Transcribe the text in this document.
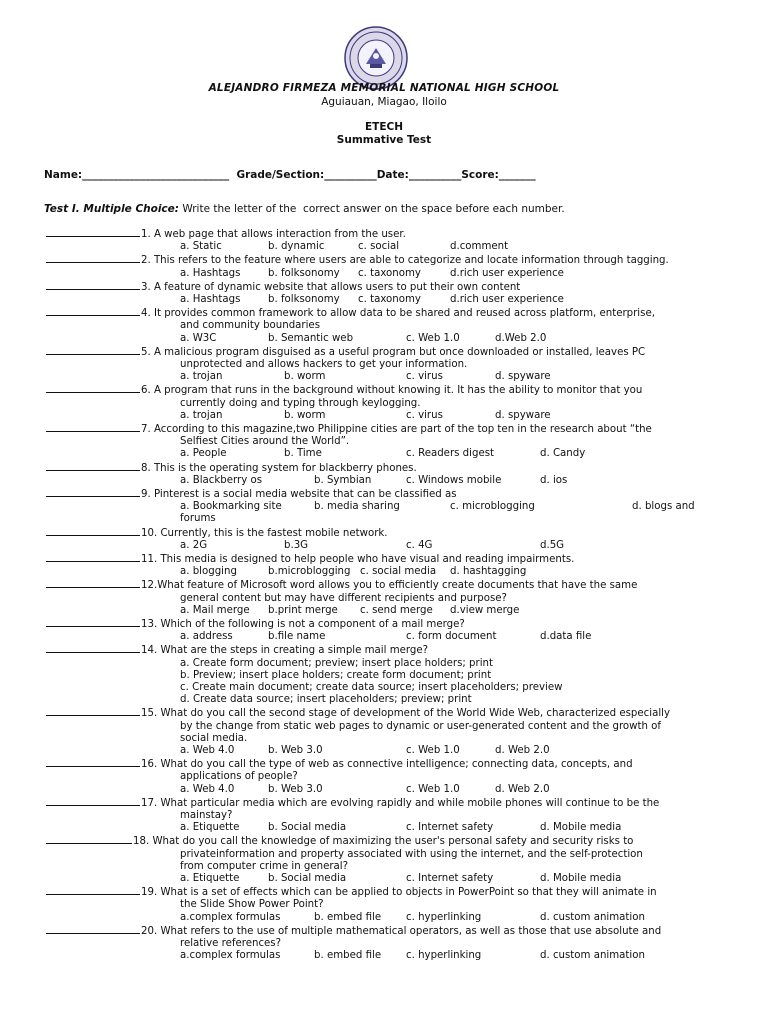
ALEJANDRO FIRMEZA MEMORIAL NATIONAL HIGH SCHOOL
Aguiauan, Miagao, Iloilo
ETECH
Summative Test
Name:____________________________  Grade/Section:__________Date:__________Score:_______
Test I. Multiple Choice: Write the letter of the  correct answer on the space before each number.
1. A web page that allows interaction from the user.
a. Static	b. dynamic	c. social	d.comment
2. This refers to the feature where users are able to categorize and locate information through tagging.
a. Hashtags	b. folksonomy c. taxonomy	d.rich user experience
3. A feature of dynamic website that allows users to put their own content
a. Hashtags	b. folksonomy c. taxonomy	d.rich user experience
4. It provides common framework to allow data to be shared and reused across platform, enterprise,
and community boundaries
a. W3C	b. Semantic web	c. Web 1.0	d.Web 2.0
5. A malicious program disguised as a useful program but once downloaded or installed, leaves PC
unprotected and allows hackers to get your information.
a. trojan	b. worm	c. virus	d. spyware
6. A program that runs in the background without knowing it. It has the ability to monitor that you
currently doing and typing through keylogging.
a. trojan	b. worm	c. virus	d. spyware
7. According to this magazine,two Philippine cities are part of the top ten in the research about “the
Selfiest Cities around the World”.
a. People	b. Time	c. Readers digest	d. Candy
8. This is the operating system for blackberry phones.
a. Blackberry os	b. Symbian	c. Windows mobile	d. ios
9. Pinterest is a social media website that can be classified as
a. Bookmarking site	b. media sharing	c. microblogging	d. blogs and
forums
10. Currently, this is the fastest mobile network.
a. 2G	b.3G	c. 4G	d.5G
11. This media is designed to help people who have visual and reading impairments.
a. blogging	b.microblogging c. social media d. hashtagging
12.What feature of Microsoft word allows you to efficiently create documents that have the same
general content but may have different recipients and purpose?
a. Mail merge b.print merge c. send merge d.view merge
13. Which of the following is not a component of a mail merge?
a. address	b.file name	c. form document	d.data file
14. What are the steps in creating a simple mail merge?
a. Create form document; preview; insert place holders; print
b. Preview; insert place holders; create form document; print
c. Create main document; create data source; insert placeholders; preview
d. Create data source; insert placeholders; preview; print
15. What do you call the second stage of development of the World Wide Web, characterized especially
by the change from static web pages to dynamic or user-generated content and the growth of
social media.
a. Web 4.0	b. Web 3.0	c. Web 1.0	d. Web 2.0
16. What do you call the type of web as connective intelligence; connecting data, concepts, and
applications of people?
a. Web 4.0	b. Web 3.0	c. Web 1.0	d. Web 2.0
17. What particular media which are evolving rapidly and while mobile phones will continue to be the
mainstay?
a. Etiquette	b. Social media	c. Internet safety	d. Mobile media
18. What do you call the knowledge of maximizing the user's personal safety and security risks to
privateinformation and property associated with using the internet, and the self-protection
from computer crime in general?
a. Etiquette	b. Social media	c. Internet safety	d. Mobile media
19. What is a set of effects which can be applied to objects in PowerPoint so that they will animate in
the Slide Show Power Point?
a.complex formulas	b. embed file c. hyperlinking	d. custom animation
20. What refers to the use of multiple mathematical operators, as well as those that use absolute and
relative references?
a.complex formulas	b. embed file c. hyperlinking	d. custom animation
